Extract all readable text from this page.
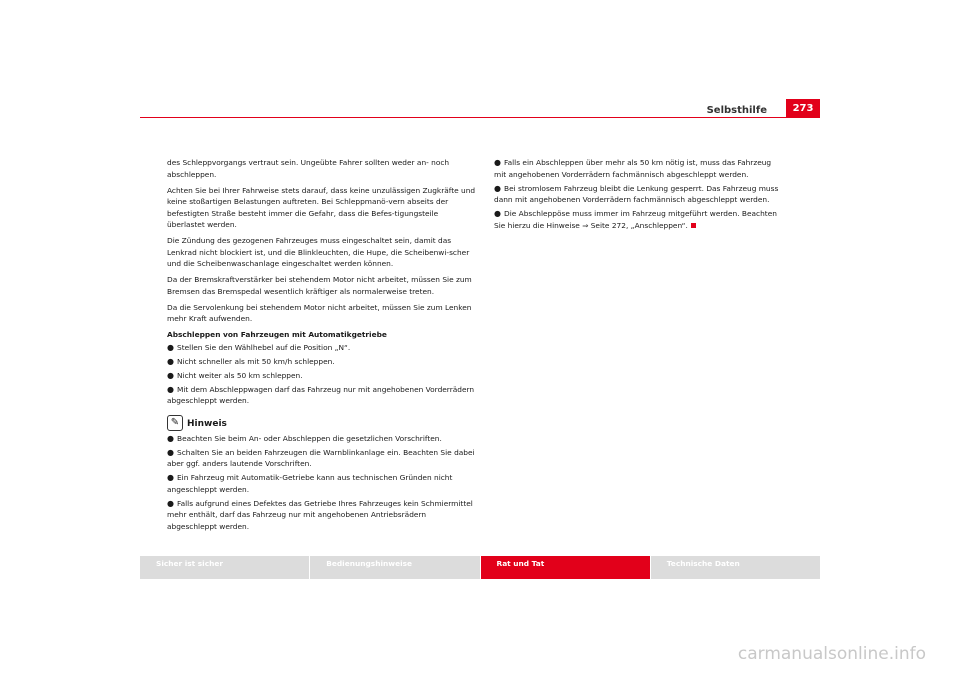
Selbsthilfe	273

des Schleppvorgangs vertraut sein. Ungeübte Fahrer sollten weder an- noch abschleppen.

Achten Sie bei Ihrer Fahrweise stets darauf, dass keine unzulässigen Zugkräfte und keine stoßartigen Belastungen auftreten. Bei Schleppmanö-vern abseits der befestigten Straße besteht immer die Gefahr, dass die Befes-tigungsteile überlastet werden.

Die Zündung des gezogenen Fahrzeuges muss eingeschaltet sein, damit das Lenkrad nicht blockiert ist, und die Blinkleuchten, die Hupe, die Scheibenwi-scher und die Scheibenwaschanlage eingeschaltet werden können.

Da der Bremskraftverstärker bei stehendem Motor nicht arbeitet, müssen Sie zum Bremsen das Bremspedal wesentlich kräftiger als normalerweise treten.

Da die Servolenkung bei stehendem Motor nicht arbeitet, müssen Sie zum Lenken mehr Kraft aufwenden.

Abschleppen von Fahrzeugen mit Automatikgetriebe
● Stellen Sie den Wählhebel auf die Position „N“.
● Nicht schneller als mit 50 km/h schleppen.
● Nicht weiter als 50 km schleppen.
● Mit dem Abschleppwagen darf das Fahrzeug nur mit angehobenen Vorderrädern abgeschleppt werden.
✎ Hinweis
● Beachten Sie beim An- oder Abschleppen die gesetzlichen Vorschriften.
● Schalten Sie an beiden Fahrzeugen die Warnblinkanlage ein. Beachten Sie dabei aber ggf. anders lautende Vorschriften.
● Ein Fahrzeug mit Automatik-Getriebe kann aus technischen Gründen nicht angeschleppt werden.
● Falls aufgrund eines Defektes das Getriebe Ihres Fahrzeuges kein Schmiermittel mehr enthält, darf das Fahrzeug nur mit angehobenen Antriebsrädern abgeschleppt werden.
● Falls ein Abschleppen über mehr als 50 km nötig ist, muss das Fahrzeug mit angehobenen Vorderrädern fachmännisch abgeschleppt werden.
● Bei stromlosem Fahrzeug bleibt die Lenkung gesperrt. Das Fahrzeug muss dann mit angehobenen Vorderrädern fachmännisch abgeschleppt werden.
● Die Abschleppöse muss immer im Fahrzeug mitgeführt werden. Beachten Sie hierzu die Hinweise ⇒ Seite 272, „Anschleppen“.
Sicher ist sicher	Bedienungshinweise	Rat und Tat	Technische Daten
carmanualsonline.info
